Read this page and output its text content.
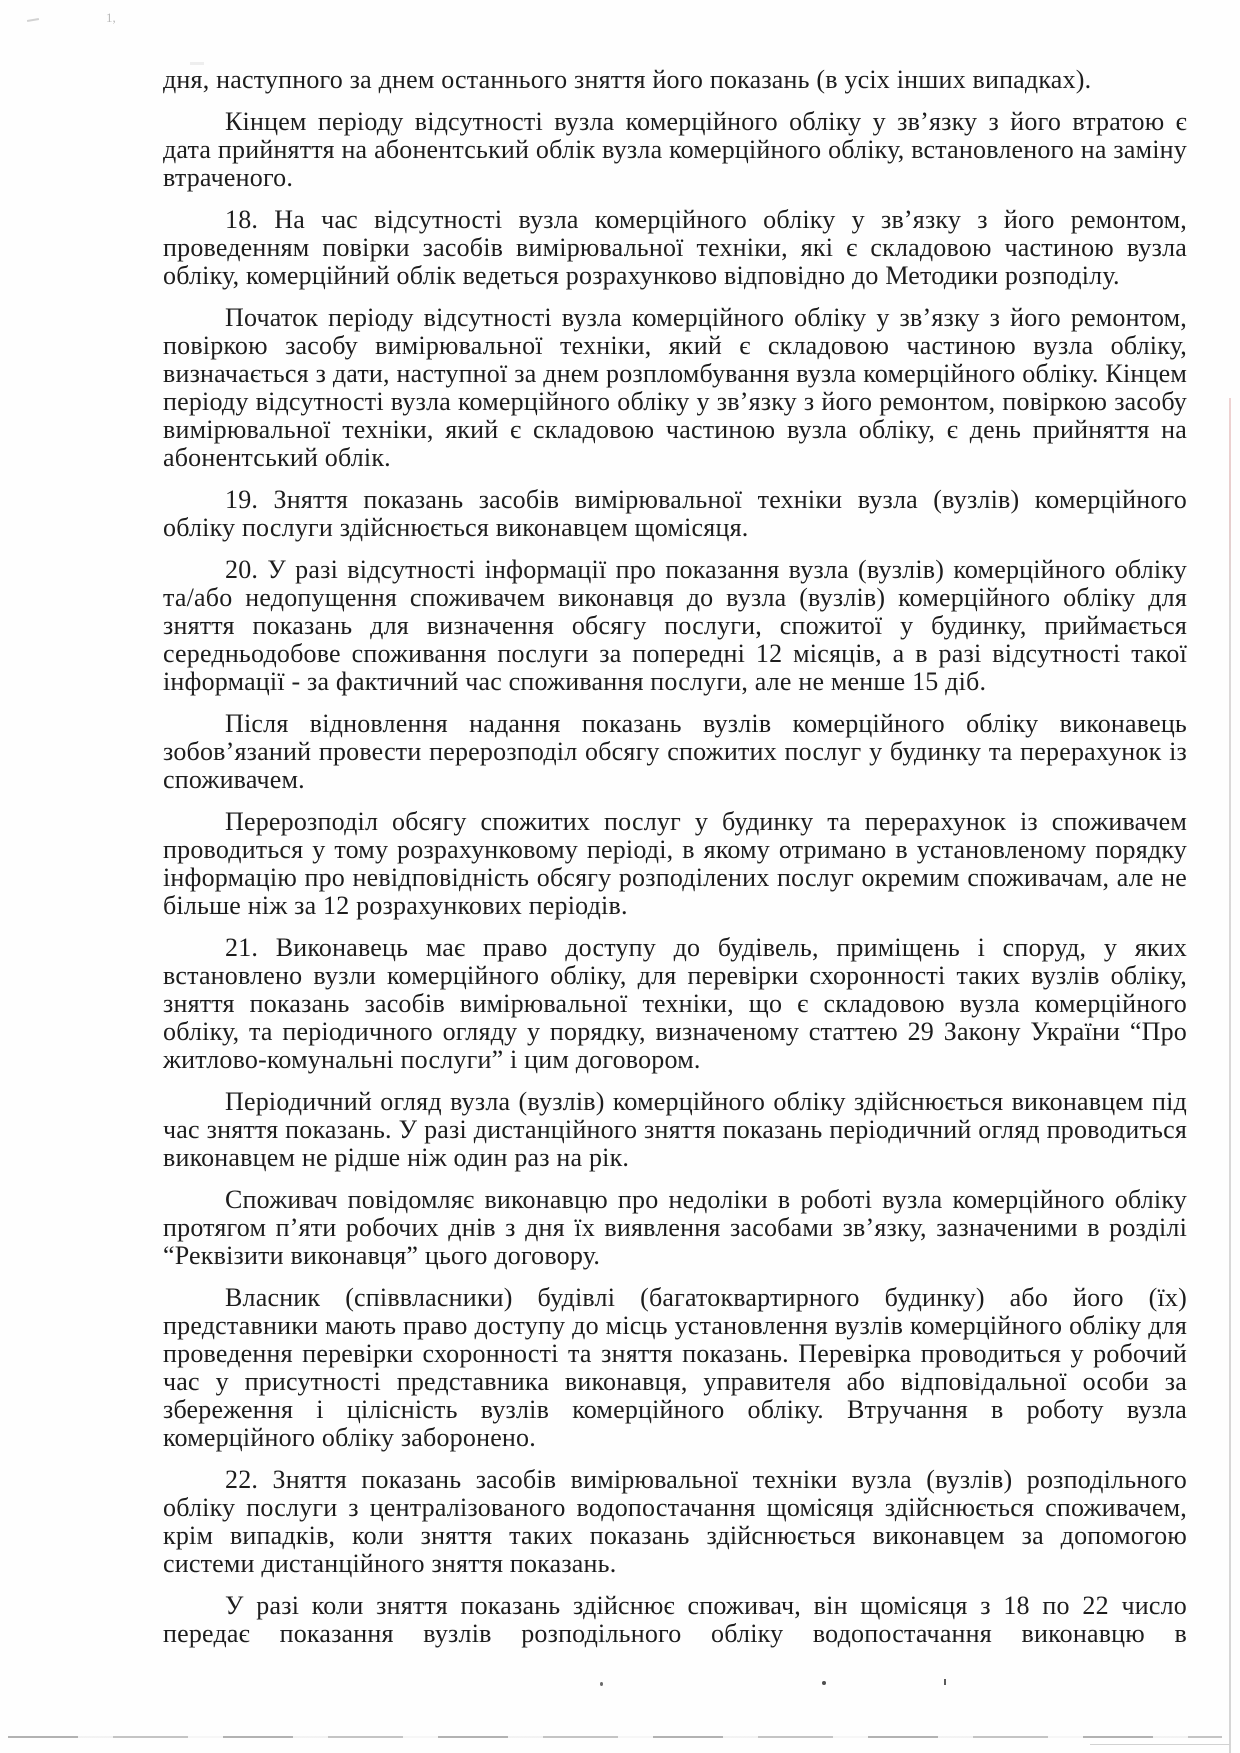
1,

дня, наступного за днем останнього зняття його показань (в усіх інших випадках).

Кінцем періоду відсутності вузла комерційного обліку у зв’язку з його втратою є дата прийняття на абонентський облік вузла комерційного обліку, встановленого на заміну втраченого.

18. На час відсутності вузла комерційного обліку у зв’язку з його ремонтом, проведенням повірки засобів вимірювальної техніки, які є складовою частиною вузла обліку, комерційний облік ведеться розрахунково відповідно до Методики розподілу.

Початок періоду відсутності вузла комерційного обліку у зв’язку з його ремонтом, повіркою засобу вимірювальної техніки, який є складовою частиною вузла обліку, визначається з дати, наступної за днем розпломбування вузла комерційного обліку. Кінцем періоду відсутності вузла комерційного обліку у зв’язку з його ремонтом, повіркою засобу вимірювальної техніки, який є складовою частиною вузла обліку, є день прийняття на абонентський облік.

19. Зняття показань засобів вимірювальної техніки вузла (вузлів) комерційного обліку послуги здійснюється виконавцем щомісяця.

20. У разі відсутності інформації про показання вузла (вузлів) комерційного обліку та/або недопущення споживачем виконавця до вузла (вузлів) комерційного обліку для зняття показань для визначення обсягу послуги, спожитої у будинку, приймається середньодобове споживання послуги за попередні 12 місяців, а в разі відсутності такої інформації - за фактичний час споживання послуги, але не менше 15 діб.

Після відновлення надання показань вузлів комерційного обліку виконавець зобов’язаний провести перерозподіл обсягу спожитих послуг у будинку та перерахунок із споживачем.

Перерозподіл обсягу спожитих послуг у будинку та перерахунок із споживачем проводиться у тому розрахунковому періоді, в якому отримано в установленому порядку інформацію про невідповідність обсягу розподілених послуг окремим споживачам, але не більше ніж за 12 розрахункових періодів.

21. Виконавець має право доступу до будівель, приміщень і споруд, у яких встановлено вузли комерційного обліку, для перевірки схоронності таких вузлів обліку, зняття показань засобів вимірювальної техніки, що є складовою вузла комерційного обліку, та періодичного огляду у порядку, визначеному статтею 29 Закону України “Про житлово-комунальні послуги” і цим договором.

Періодичний огляд вузла (вузлів) комерційного обліку здійснюється виконавцем під час зняття показань. У разі дистанційного зняття показань періодичний огляд проводиться виконавцем не рідше ніж один раз на рік.

Споживач повідомляє виконавцю про недоліки в роботі вузла комерційного обліку протягом п’яти робочих днів з дня їх виявлення засобами зв’язку, зазначеними в розділі “Реквізити виконавця” цього договору.

Власник (співвласники) будівлі (багатоквартирного будинку) або його (їх) представники мають право доступу до місць установлення вузлів комерційного обліку для проведення перевірки схоронності та зняття показань. Перевірка проводиться у робочий час у присутності представника виконавця, управителя або відповідальної особи за збереження і цілісність вузлів комерційного обліку. Втручання в роботу вузла комерційного обліку заборонено.

22. Зняття показань засобів вимірювальної техніки вузла (вузлів) розподільного обліку послуги з централізованого водопостачання щомісяця здійснюється споживачем, крім випадків, коли зняття таких показань здійснюється виконавцем за допомогою системи дистанційного зняття показань.

У разі коли зняття показань здійснює споживач, він щомісяця з 18 по 22 число передає показання вузлів розподільного обліку водопостачання виконавцю в
